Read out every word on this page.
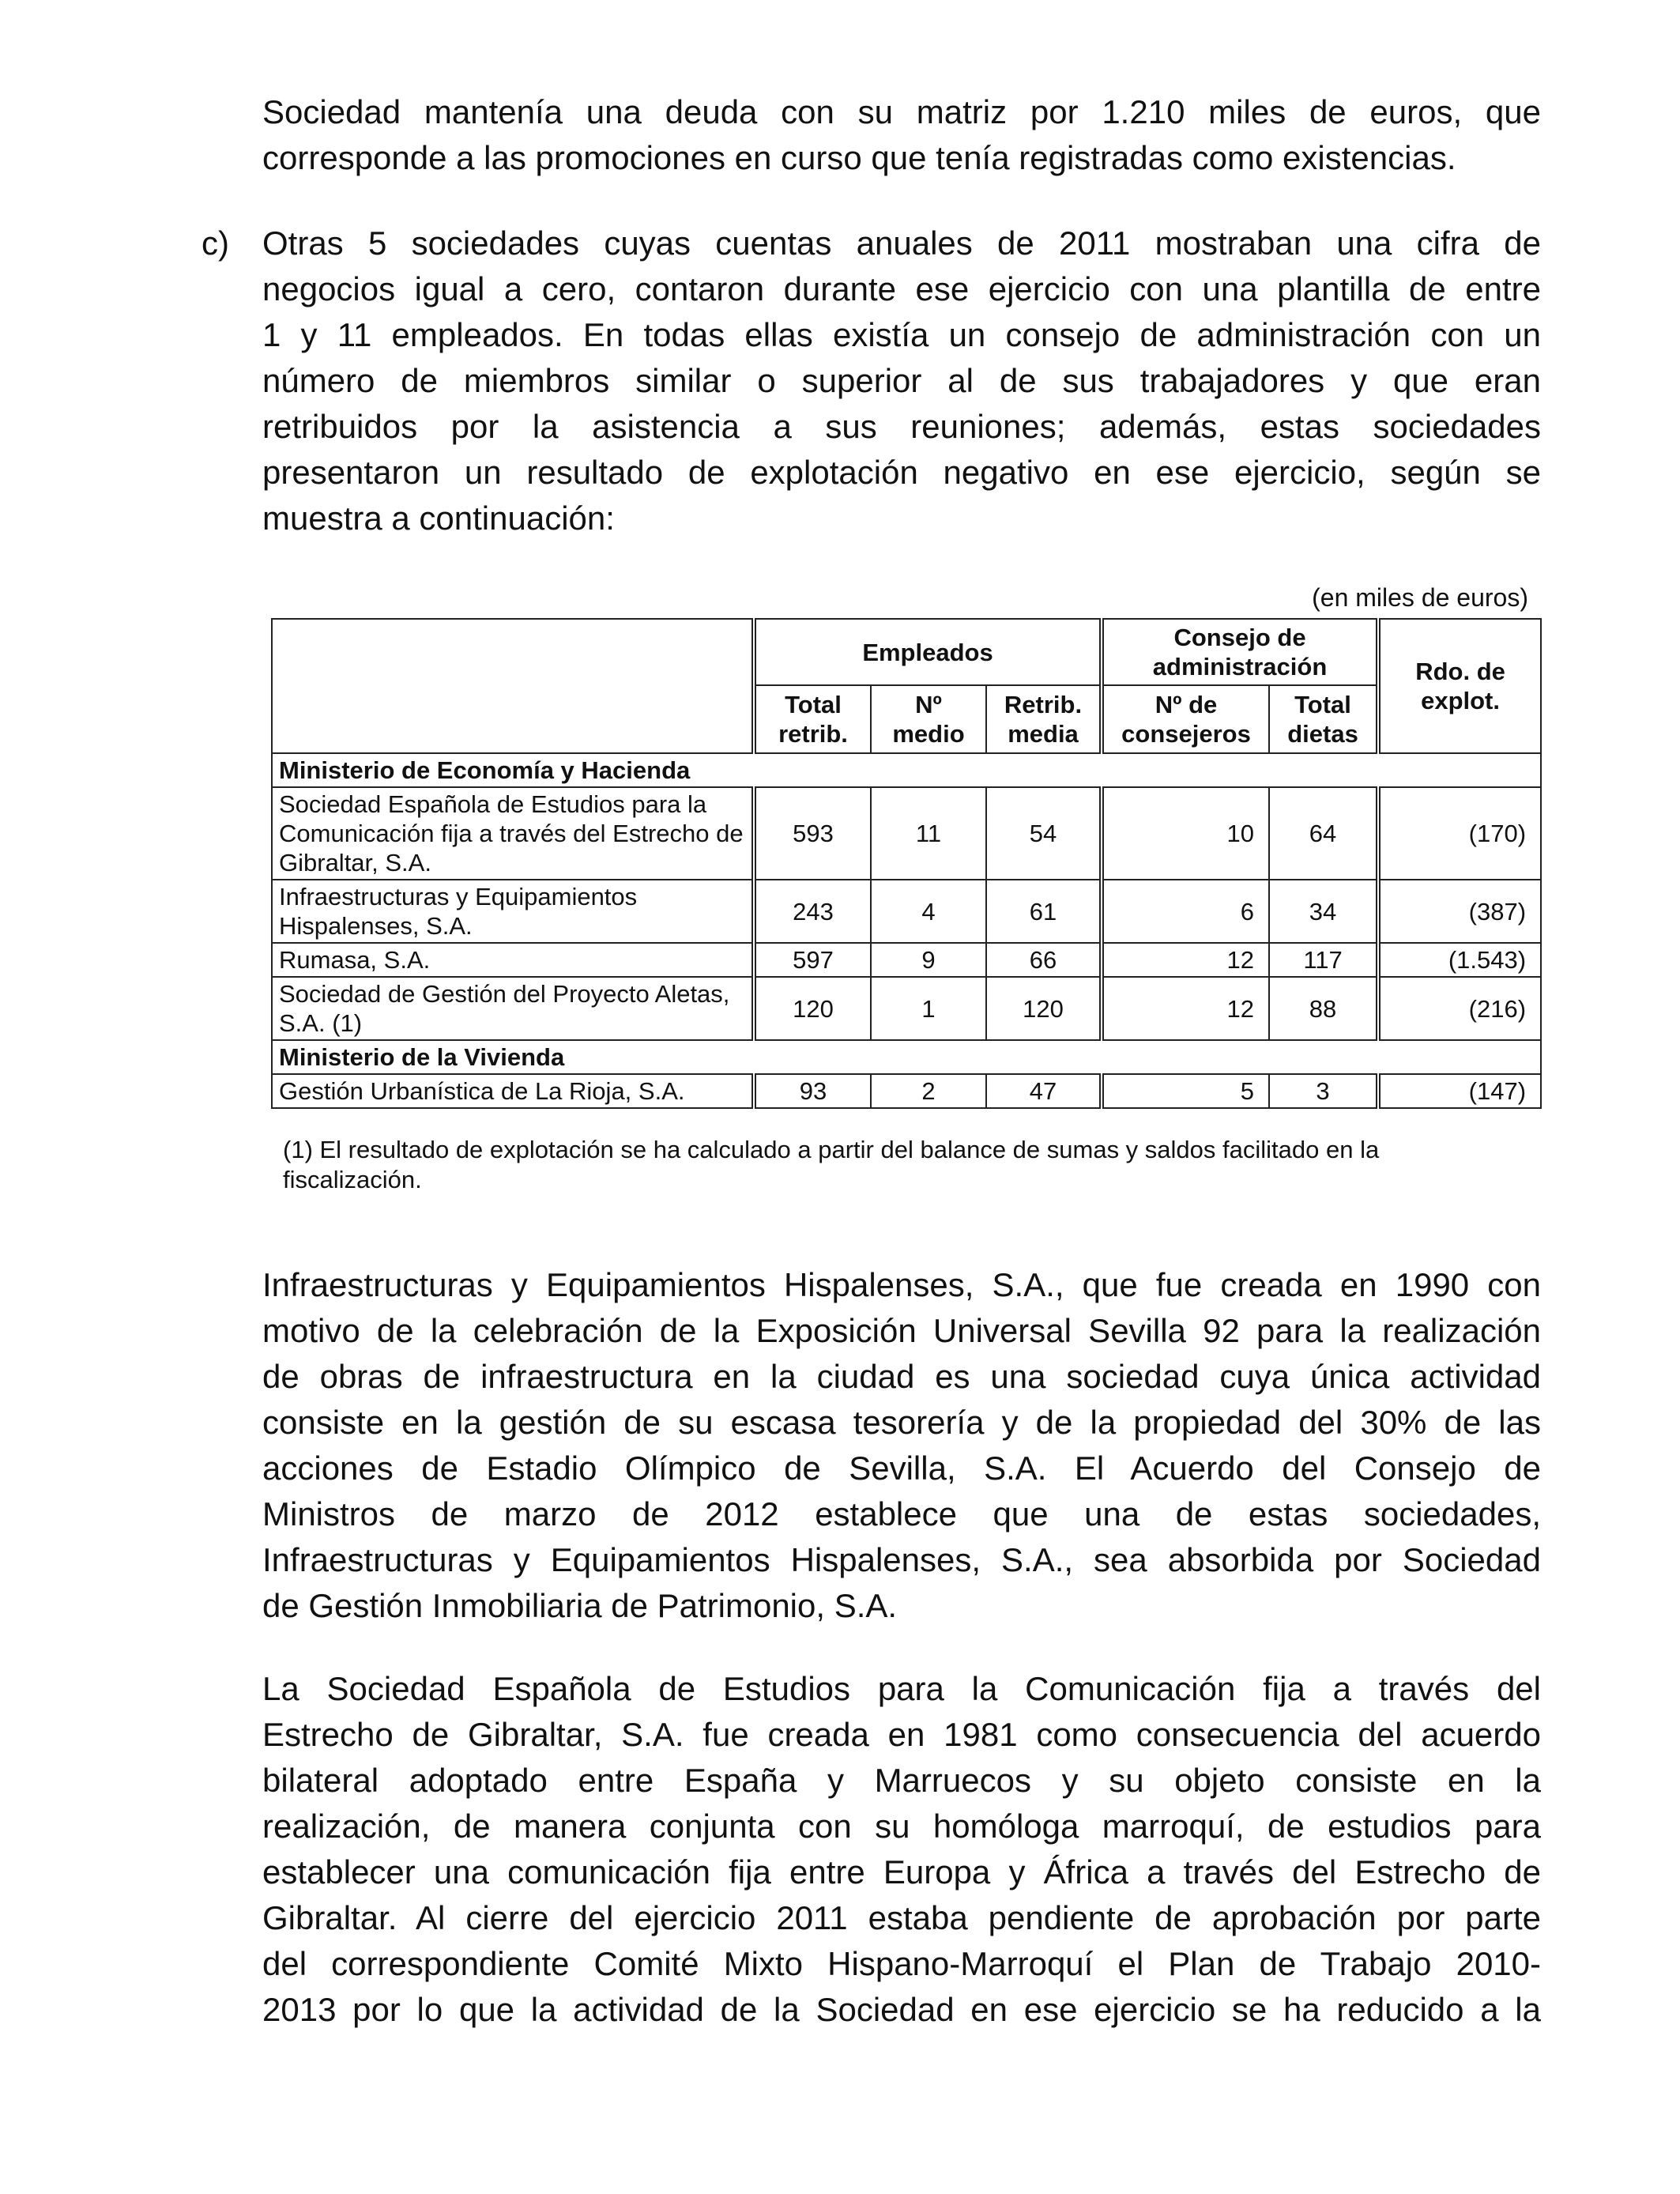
Sociedad mantenía una deuda con su matriz por 1.210 miles de euros, que
corresponde a las promociones en curso que tenía registradas como existencias.
c) Otras 5 sociedades cuyas cuentas anuales de 2011 mostraban una cifra de
negocios igual a cero, contaron durante ese ejercicio con una plantilla de entre
1 y 11 empleados. En todas ellas existía un consejo de administración con un
número de miembros similar o superior al de sus trabajadores y que eran
retribuidos por la asistencia a sus reuniones; además, estas sociedades
presentaron un resultado de explotación negativo en ese ejercicio, según se
muestra a continuación:
(en miles de euros)
	Empleados			Consejo de administración		Rdo. de explot.
	Total retrib.	Nº medio	Retrib. media	Nº de consejeros	Total dietas	
Ministerio de Economía y Hacienda						
Sociedad Española de Estudios para la Comunicación fija a través del Estrecho de Gibraltar, S.A.	593	11	54	10	64	(170)
Infraestructuras y Equipamientos Hispalenses, S.A.	243	4	61	6	34	(387)
Rumasa, S.A.	597	9	66	12	117	(1.543)
Sociedad de Gestión del Proyecto Aletas, S.A. (1)	120	1	120	12	88	(216)
Ministerio de la Vivienda						
Gestión Urbanística de La Rioja, S.A.	93	2	47	5	3	(147)
(1) El resultado de explotación se ha calculado a partir del balance de sumas y saldos facilitado en la fiscalización.
Infraestructuras y Equipamientos Hispalenses, S.A., que fue creada en 1990 con
motivo de la celebración de la Exposición Universal Sevilla 92 para la realización
de obras de infraestructura en la ciudad es una sociedad cuya única actividad
consiste en la gestión de su escasa tesorería y de la propiedad del 30% de las
acciones de Estadio Olímpico de Sevilla, S.A. El Acuerdo del Consejo de
Ministros de marzo de 2012 establece que una de estas sociedades,
Infraestructuras y Equipamientos Hispalenses, S.A., sea absorbida por Sociedad
de Gestión Inmobiliaria de Patrimonio, S.A.
La Sociedad Española de Estudios para la Comunicación fija a través del
Estrecho de Gibraltar, S.A. fue creada en 1981 como consecuencia del acuerdo
bilateral adoptado entre España y Marruecos y su objeto consiste en la
realización, de manera conjunta con su homóloga marroquí, de estudios para
establecer una comunicación fija entre Europa y África a través del Estrecho de
Gibraltar. Al cierre del ejercicio 2011 estaba pendiente de aprobación por parte
del correspondiente Comité Mixto Hispano-Marroquí el Plan de Trabajo 2010-
2013 por lo que la actividad de la Sociedad en ese ejercicio se ha reducido a la
